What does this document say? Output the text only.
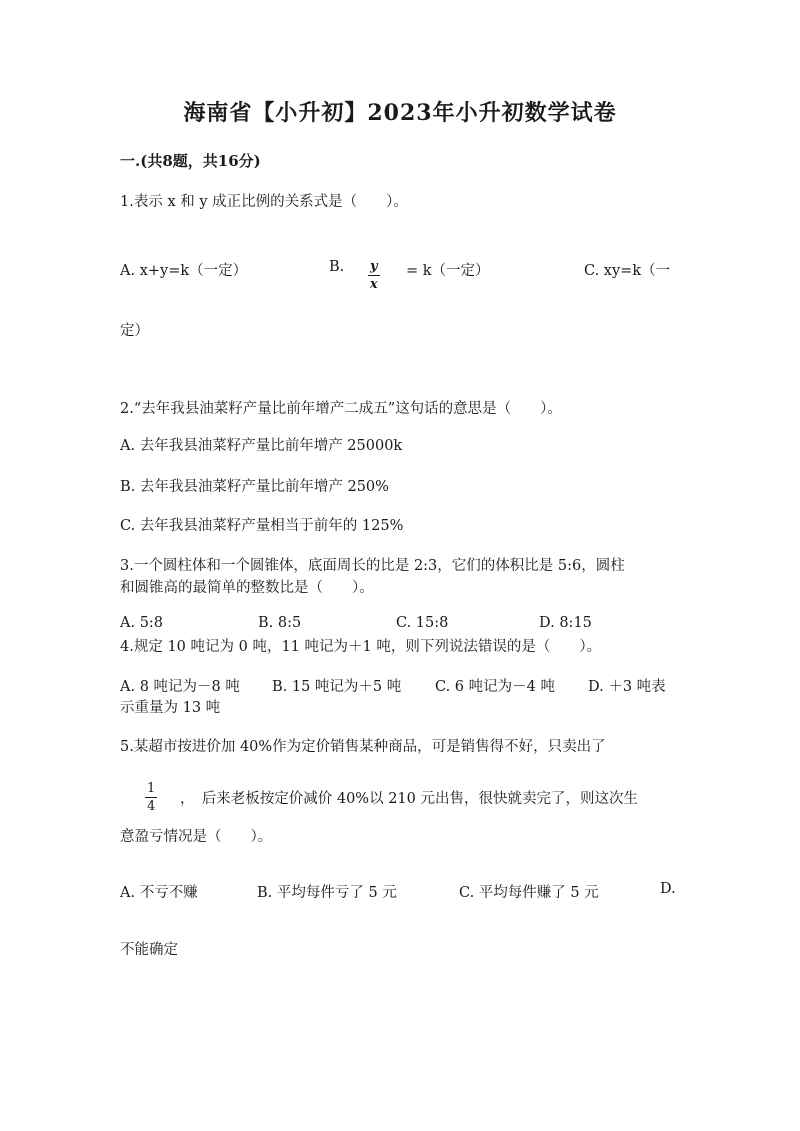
海南省【小升初】2023年小升初数学试卷
一.(共8题，共16分)
1.表示 x 和 y 成正比例的关系式是（　　）。
A. x+y=k（一定）	B. $\frac{y}{x} = k$（一定）	C. xy=k（一
定）
2.“去年我县油菜籽产量比前年增产二成五”这句话的意思是（　　）。
A. 去年我县油菜籽产量比前年增产 25000k
B. 去年我县油菜籽产量比前年增产 250%
C. 去年我县油菜籽产量相当于前年的 125%
3.一个圆柱体和一个圆锥体，底面周长的比是 2:3，它们的体积比是 5:6，圆柱
和圆锥高的最简单的整数比是（　　）。
A. 5:8	B. 8:5	C. 15:8	D. 8:15
4.规定 10 吨记为 0 吨，11 吨记为＋1 吨，则下列说法错误的是（　　）。
A. 8 吨记为－8 吨 B. 15 吨记为＋5 吨 C. 6 吨记为－4 吨 D. ＋3 吨表
示重量为 13 吨
5.某超市按进价加 40%作为定价销售某种商品，可是销售得不好，只卖出了
$\frac{1}{4}$ ，　后来老板按定价减价 40%以 210 元出售，很快就卖完了，则这次生
意盈亏情况是（　　）。
A. 不亏不赚	B. 平均每件亏了 5 元	C. 平均每件赚了 5 元	D.
不能确定
